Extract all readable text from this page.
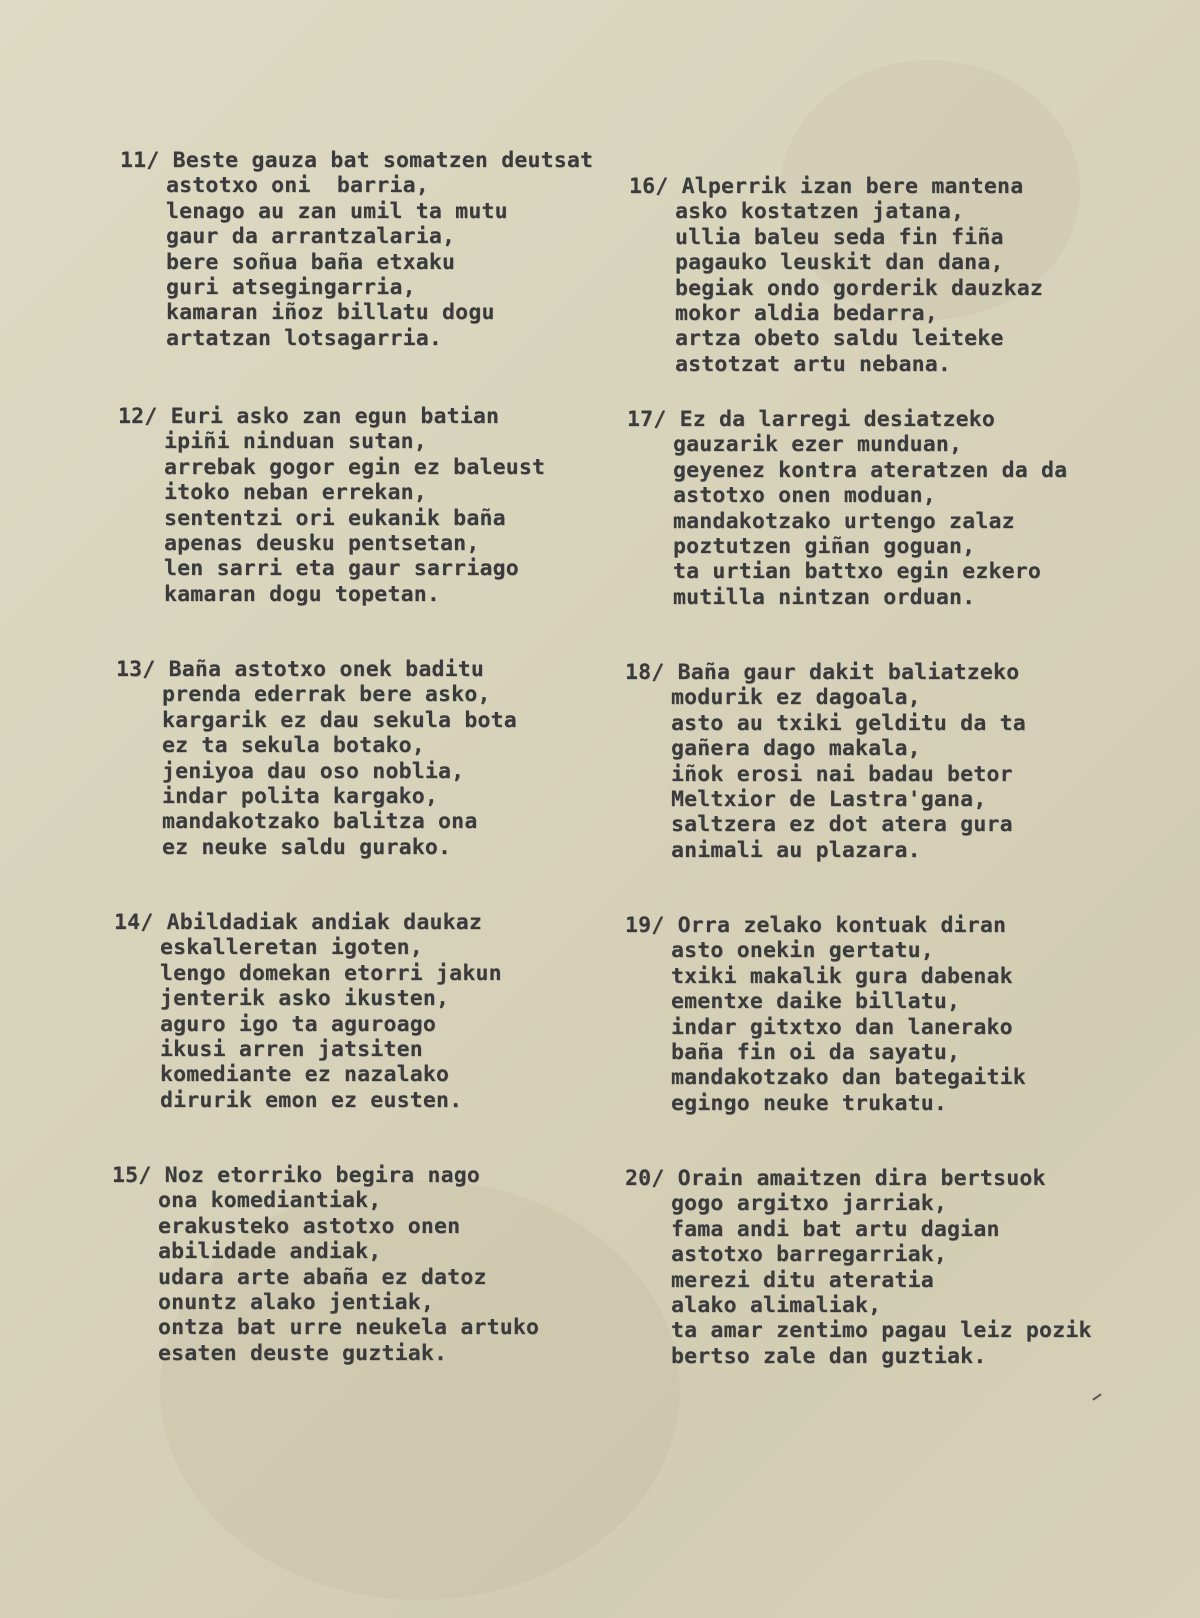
11/ Beste gauza bat somatzen deutsat
astotxo oni  barria,
lenago au zan umil ta mutu
gaur da arrantzalaria,
bere soñua baña etxaku
guri atsegingarria,
kamaran iñoz billatu dogu
artatzan lotsagarria.
12/ Euri asko zan egun batian
ipiñi ninduan sutan,
arrebak gogor egin ez baleust
itoko neban errekan,
sententzi ori eukanik baña
apenas deusku pentsetan,
len sarri eta gaur sarriago
kamaran dogu topetan.
13/ Baña astotxo onek baditu
prenda ederrak bere asko,
kargarik ez dau sekula bota
ez ta sekula botako,
jeniyoa dau oso noblia,
indar polita kargako,
mandakotzako balitza ona
ez neuke saldu gurako.
14/ Abildadiak andiak daukaz
eskalleretan igoten,
lengo domekan etorri jakun
jenterik asko ikusten,
aguro igo ta aguroago
ikusi arren jatsiten
komediante ez nazalako
dirurik emon ez eusten.
15/ Noz etorriko begira nago
ona komediantiak,
erakusteko astotxo onen
abilidade andiak,
udara arte abaña ez datoz
onuntz alako jentiak,
ontza bat urre neukela artuko
esaten deuste guztiak.
16/ Alperrik izan bere mantena
asko kostatzen jatana,
ullia baleu seda fin fiña
pagauko leuskit dan dana,
begiak ondo gorderik dauzkaz
mokor aldia bedarra,
artza obeto saldu leiteke
astotzat artu nebana.
17/ Ez da larregi desiatzeko
gauzarik ezer munduan,
geyenez kontra ateratzen da da
astotxo onen moduan,
mandakotzako urtengo zalaz
poztutzen giñan goguan,
ta urtian battxo egin ezkero
mutilla nintzan orduan.
18/ Baña gaur dakit baliatzeko
modurik ez dagoala,
asto au txiki gelditu da ta
gañera dago makala,
iñok erosi nai badau betor
Meltxior de Lastra'gana,
saltzera ez dot atera gura
animali au plazara.
19/ Orra zelako kontuak diran
asto onekin gertatu,
txiki makalik gura dabenak
ementxe daike billatu,
indar gitxtxo dan lanerako
baña fin oi da sayatu,
mandakotzako dan bategaitik
egingo neuke trukatu.
20/ Orain amaitzen dira bertsuok
gogo argitxo jarriak,
fama andi bat artu dagian
astotxo barregarriak,
merezi ditu ateratia
alako alimaliak,
ta amar zentimo pagau leiz pozik
bertso zale dan guztiak.
